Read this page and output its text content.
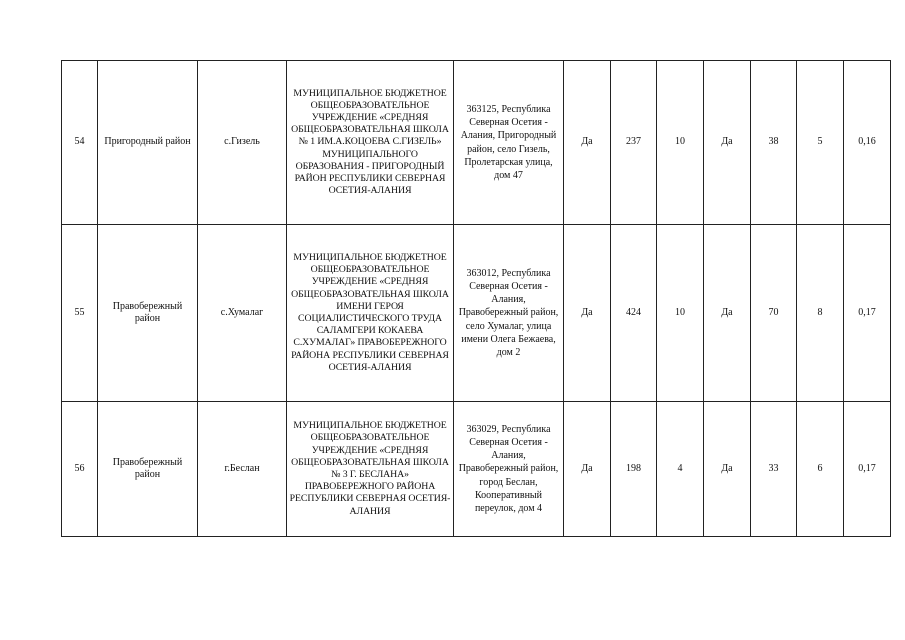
54	Пригородный район	с.Гизель	МУНИЦИПАЛЬНОЕ БЮДЖЕТНОЕ ОБЩЕОБРАЗОВАТЕЛЬНОЕ УЧРЕЖДЕНИЕ «СРЕДНЯЯ ОБЩЕОБРАЗОВАТЕЛЬНАЯ ШКОЛА № 1 ИМ.А.КОЦОЕВА С.ГИЗЕЛЬ» МУНИЦИПАЛЬНОГО ОБРАЗОВАНИЯ - ПРИГОРОДНЫЙ РАЙОН РЕСПУБЛИКИ СЕВЕРНАЯ ОСЕТИЯ-АЛАНИЯ	363125, Республика Северная Осетия - Алания, Пригородный район, село Гизель, Пролетарская улица, дом 47	Да	237	10	Да	38	5	0,16
55	Правобережный район	с.Хумалаг	МУНИЦИПАЛЬНОЕ БЮДЖЕТНОЕ ОБЩЕОБРАЗОВАТЕЛЬНОЕ УЧРЕЖДЕНИЕ «СРЕДНЯЯ ОБЩЕОБРАЗОВАТЕЛЬНАЯ ШКОЛА ИМЕНИ ГЕРОЯ СОЦИАЛИСТИЧЕСКОГО ТРУДА САЛАМГЕРИ КОКАЕВА С.ХУМАЛАГ» ПРАВОБЕРЕЖНОГО РАЙОНА РЕСПУБЛИКИ СЕВЕРНАЯ ОСЕТИЯ-АЛАНИЯ	363012, Республика Северная Осетия - Алания, Правобережный район, село Хумалаг, улица имени Олега Бежаева, дом 2	Да	424	10	Да	70	8	0,17
56	Правобережный район	г.Беслан	МУНИЦИПАЛЬНОЕ БЮДЖЕТНОЕ ОБЩЕОБРАЗОВАТЕЛЬНОЕ УЧРЕЖДЕНИЕ «СРЕДНЯЯ ОБЩЕОБРАЗОВАТЕЛЬНАЯ ШКОЛА № 3 Г. БЕСЛАНА» ПРАВОБЕРЕЖНОГО РАЙОНА РЕСПУБЛИКИ СЕВЕРНАЯ ОСЕТИЯ-АЛАНИЯ	363029, Республика Северная Осетия - Алания, Правобережный район, город Беслан, Кооперативный переулок, дом 4	Да	198	4	Да	33	6	0,17
